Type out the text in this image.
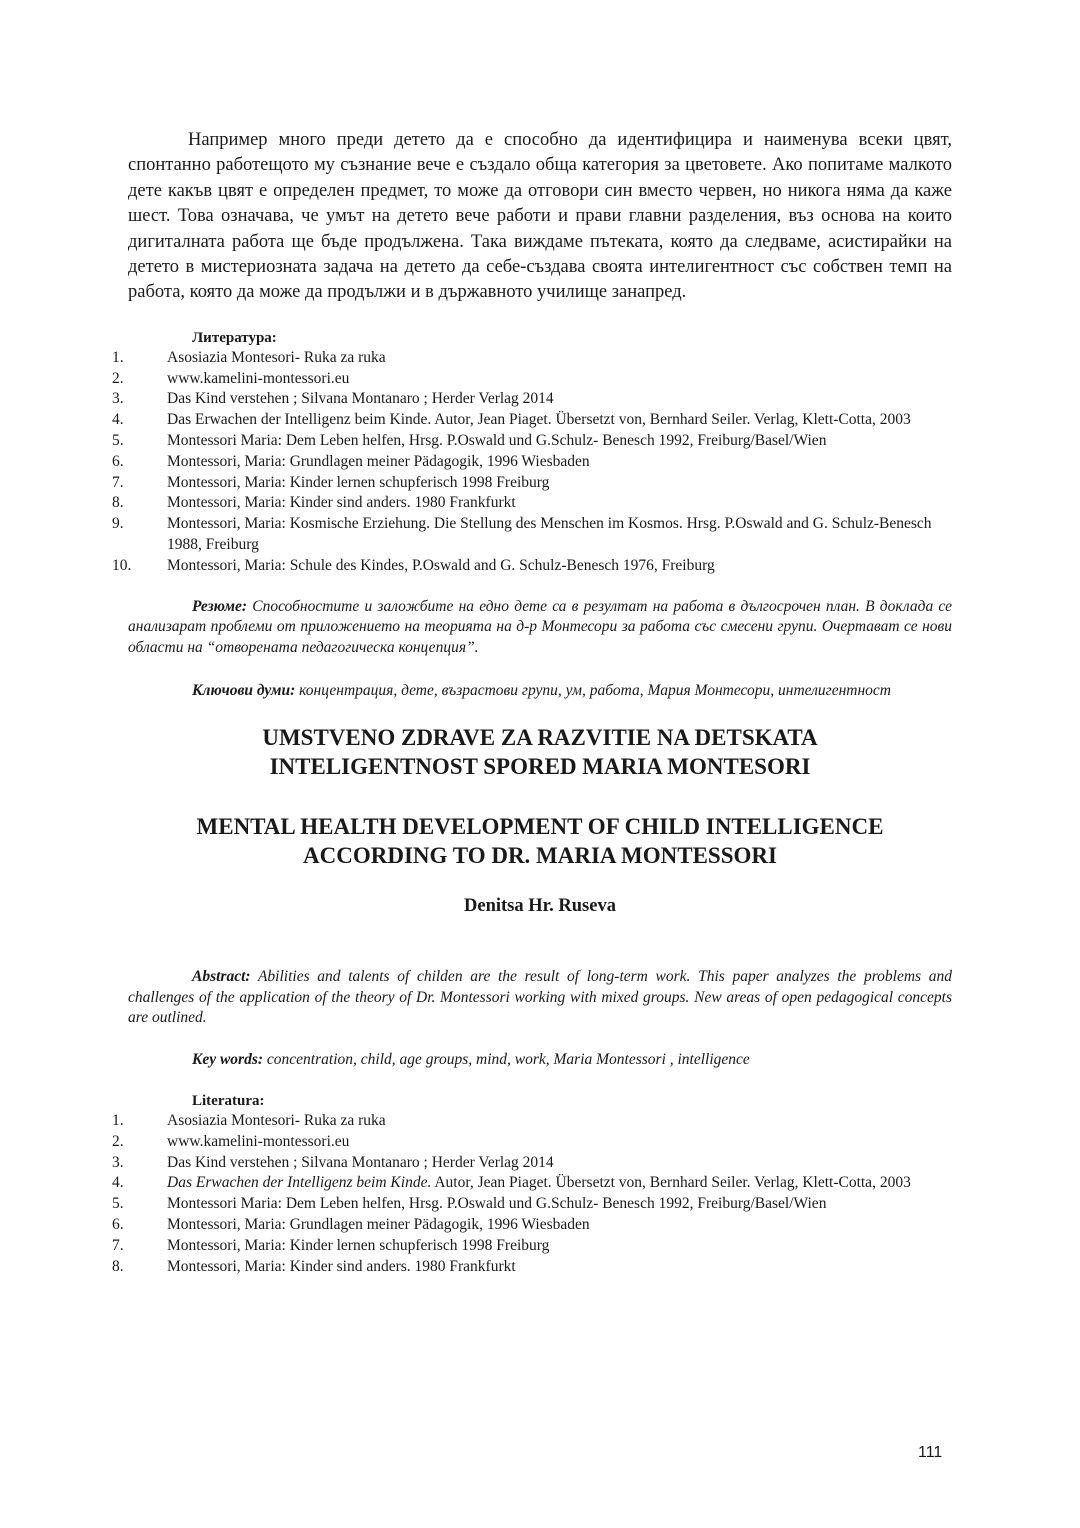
Например много преди детето да е способно да идентифицира и наименува всеки цвят, спонтанно работещото му съзнание вече е създало обща категория за цветовете. Ако попитаме малкото дете какъв цвят е определен предмет, то може да отговори син вместо червен, но никога няма да каже шест. Това означава, че умът на детето вече работи и прави главни разделения, въз основа на които дигиталната работа ще бъде продължена. Така виждаме пътеката, която да следваме, асистирайки на детето в мистериозната задача на детето да себе-създава своята интелигентност със собствен темп на работа, която да може да продължи и в държавното училище занапред.

Литература:
1.	Asosiazia Montesori- Ruka za ruka
2.	www.kamelini-montessori.eu
3.	Das Kind verstehen ; Silvana Montanaro ; Herder Verlag 2014
4.	Das Erwachen der Intelligenz beim Kinde. Autor, Jean Piaget. Übersetzt von, Bernhard Seiler. Verlag, Klett-Cotta, 2003
5.	Montessori Maria: Dem Leben helfen, Hrsg. P.Oswald und G.Schulz- Benesch 1992, Freiburg/Basel/Wien
6.	Montessori, Maria: Grundlagen meiner Pädagogik, 1996 Wiesbaden
7.	Montessori, Maria: Kinder lernen schupferisch 1998 Freiburg
8.	Montessori, Maria: Kinder sind anders. 1980 Frankfurkt
9.	Montessori, Maria: Kosmische Erziehung. Die Stellung des Menschen im Kosmos. Hrsg. P.Oswald and G. Schulz-Benesch 1988, Freiburg
10.	Montessori, Maria: Schule des Kindes, P.Oswald and G. Schulz-Benesch 1976, Freiburg

Резюме: Способностите и заложбите на едно дете са в резултат на работа в дългосрочен план. В доклада се анализарат проблеми от приложението на теорията на д-р Монтесори за работа със смесени групи. Очертават се нови области на “отворената педагогическа концепция”.

Ключови думи: концентрация, дете, възрастови групи, ум, работа, Мария Монтесори, интелигентност

UMSTVENO ZDRAVE ZA RAZVITIE NA DETSKATA
INTELIGENTNOST SPORED MARIA MONTESORI

MENTAL HEALTH DEVELOPMENT OF CHILD INTELLIGENCE
ACCORDING TO DR. MARIA MONTESSORI

Denitsa Hr. Ruseva

Abstract: Abilities and talents of childen are the result of long-term work. This paper analyzes the problems and challenges of the application of the theory of Dr. Montessori working with mixed groups. New areas of open pedagogical concepts are outlined.

Key words: concentration, child, age groups, mind, work, Maria Montessori , intelligence

Literatura:
1.	Asosiazia Montesori- Ruka za ruka
2.	www.kamelini-montessori.eu
3.	Das Kind verstehen ; Silvana Montanaro ; Herder Verlag 2014
4.	Das Erwachen der Intelligenz beim Kinde. Autor, Jean Piaget. Übersetzt von, Bernhard Seiler. Verlag, Klett-Cotta, 2003
5.	Montessori Maria: Dem Leben helfen, Hrsg. P.Oswald und G.Schulz- Benesch 1992, Freiburg/Basel/Wien
6.	Montessori, Maria: Grundlagen meiner Pädagogik, 1996 Wiesbaden
7.	Montessori, Maria: Kinder lernen schupferisch 1998 Freiburg
8.	Montessori, Maria: Kinder sind anders. 1980 Frankfurkt
111
